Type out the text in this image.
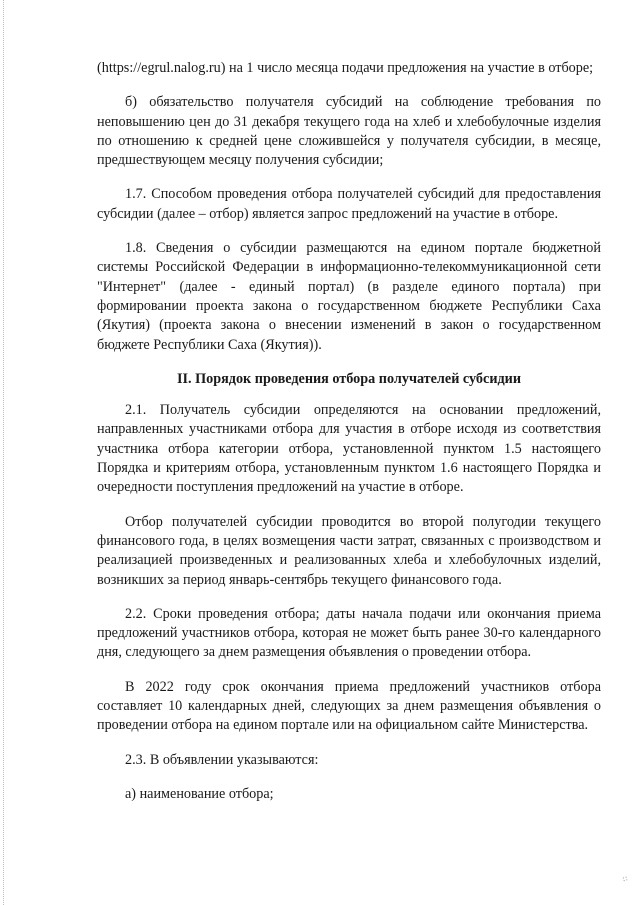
(https://egrul.nalog.ru) на 1 число месяца подачи предложения на участие в отборе;

б) обязательство получателя субсидий на соблюдение требования по неповышению цен до 31 декабря текущего года на хлеб и хлебобулочные изделия по отношению к средней цене сложившейся у получателя субсидии, в месяце, предшествующем месяцу получения субсидии;

1.7. Способом проведения отбора получателей субсидий для предоставления субсидии (далее – отбор) является запрос предложений на участие в отборе.

1.8. Сведения о субсидии размещаются на едином портале бюджетной системы Российской Федерации в информационно-телекоммуникационной сети "Интернет" (далее - единый портал) (в разделе единого портала) при формировании проекта закона о государственном бюджете Республики Саха (Якутия) (проекта закона о внесении изменений в закон о государственном бюджете Республики Саха (Якутия)).

II. Порядок проведения отбора получателей субсидии

2.1. Получатель субсидии определяются на основании предложений, направленных участниками отбора для участия в отборе исходя из соответствия участника отбора категории отбора, установленной пунктом 1.5 настоящего Порядка и критериям отбора, установленным пунктом 1.6 настоящего Порядка и очередности поступления предложений на участие в отборе.

Отбор получателей субсидии проводится во второй полугодии текущего финансового года, в целях возмещения части затрат, связанных с производством и реализацией произведенных и реализованных хлеба и хлебобулочных изделий, возникших за период январь-сентябрь текущего финансового года.

2.2. Сроки проведения отбора; даты начала подачи или окончания приема предложений участников отбора, которая не может быть ранее 30-го календарного дня, следующего за днем размещения объявления о проведении отбора.

В 2022 году срок окончания приема предложений участников отбора составляет 10 календарных дней, следующих за днем размещения объявления о проведении отбора на едином портале или на официальном сайте Министерства.

2.3. В объявлении указываются:

а) наименование отбора;

⁘
